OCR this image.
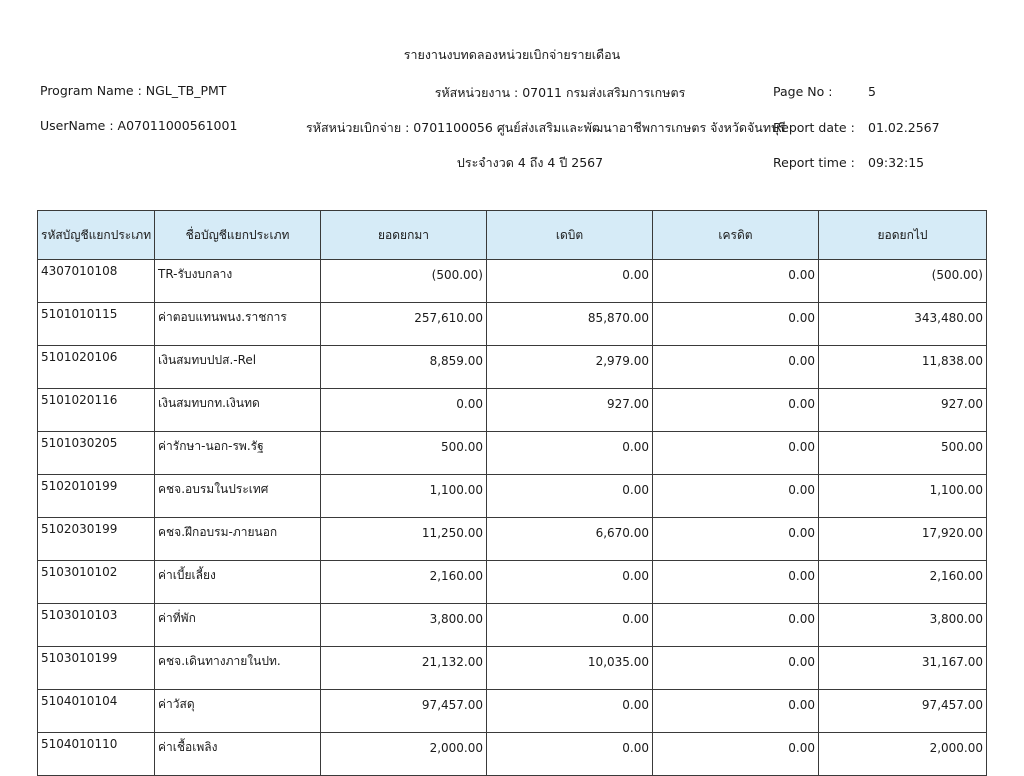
รายงานงบทดลองหน่วยเบิกจ่ายรายเดือน
Program Name : NGL_TB_PMT	รหัสหน่วยงาน : 07011 กรมส่งเสริมการเกษตร	Page No :	5
UserName : A07011000561001	รหัสหน่วยเบิกจ่าย : 0701100056 ศูนย์ส่งเสริมและพัฒนาอาชีพการเกษตร จังหวัดจันทบุรี
Report date : 01.02.2567
ประจำงวด 4 ถึง 4 ปี 2567	Report time : 09:32:15
รหัสบัญชีแยกประเภท	ชื่อบัญชีแยกประเภท	ยอดยกมา	เดบิต	เครดิต	ยอดยกไป
4307010108	TR-รับงบกลาง	(500.00)	0.00	0.00	(500.00)
5101010115	ค่าตอบแทนพนง.ราชการ	257,610.00	85,870.00	0.00	343,480.00
5101020106	เงินสมทบปปส.-Rel	8,859.00	2,979.00	0.00	11,838.00
5101020116	เงินสมทบกท.เงินทด	0.00	927.00	0.00	927.00
5101030205	ค่ารักษา-นอก-รพ.รัฐ	500.00	0.00	0.00	500.00
5102010199	คชจ.อบรมในประเทศ	1,100.00	0.00	0.00	1,100.00
5102030199	คชจ.ฝึกอบรม-ภายนอก	11,250.00	6,670.00	0.00	17,920.00
5103010102	ค่าเบี้ยเลี้ยง	2,160.00	0.00	0.00	2,160.00
5103010103	ค่าที่พัก	3,800.00	0.00	0.00	3,800.00
5103010199	คชจ.เดินทางภายในปท.	21,132.00	10,035.00	0.00	31,167.00
5104010104	ค่าวัสดุ	97,457.00	0.00	0.00	97,457.00
5104010110	ค่าเชื้อเพลิง	2,000.00	0.00	0.00	2,000.00
